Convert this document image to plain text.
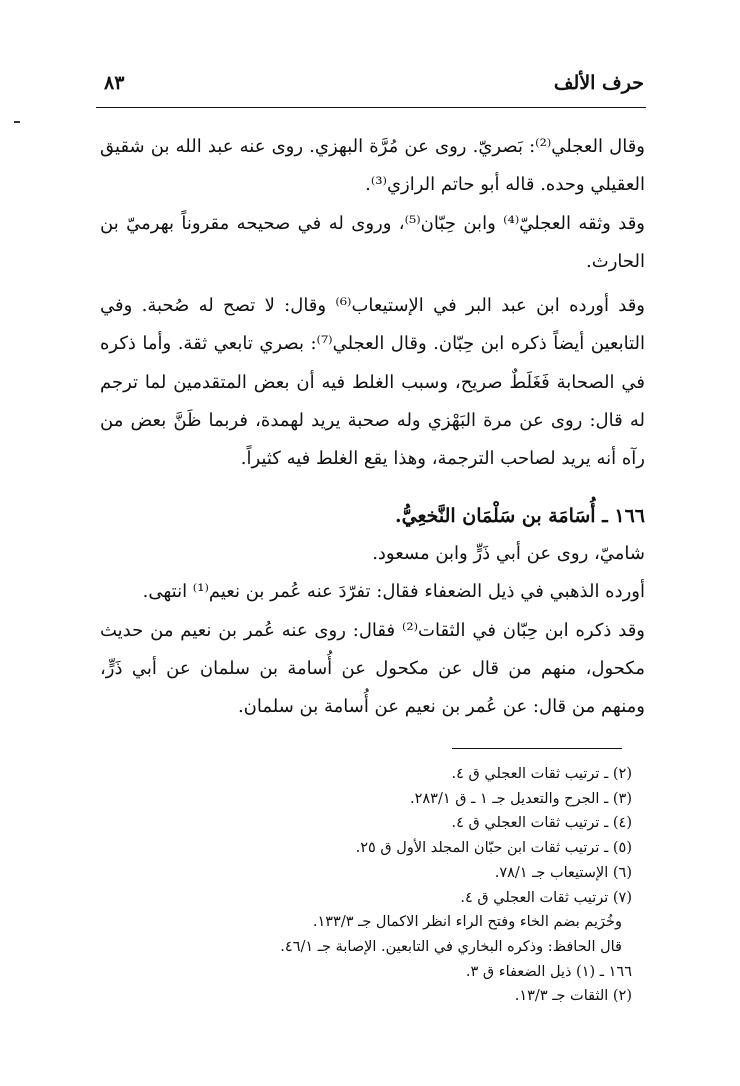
حرف الألف
٨٣

وقال العجلي⁽²⁾: بَصريّ. روى عن مُرَّة البهزي. روى عنه عبد الله بن شقيق العقيلي وحده. قاله أبو حاتم الرازي⁽³⁾.

وقد وثقه العجليّ⁽⁴⁾ وابن حِبّان⁽⁵⁾، وروى له في صحيحه مقروناً بهرميّ بن الحارث.

وقد أورده ابن عبد البر في الإستيعاب⁽⁶⁾ وقال: لا تصح له صُحبة. وفي التابعين أيضاً ذكره ابن حِبّان. وقال العجلي⁽⁷⁾: بصري تابعي ثقة. وأما ذكره في الصحابة فَغَلَطٌ صريح، وسبب الغلط فيه أن بعض المتقدمين لما ترجم له قال: روى عن مرة البَهْزي وله صحبة يريد له‍مدة، فربما ظَنَّ بعض من رآه أنه يريد لصاحب الترجمة، وهذا يقع الغلط فيه كثيراً.

١٦٦ ـ أُسَامَة بن سَلْمَان النَّخعِيُّ.

شاميّ، روى عن أبي ذَرٍّ وابن مسعود.

أورده الذهبي في ذيل الضعفاء فقال: تفرّدَ عنه عُمر بن نعيم⁽¹⁾ انتهى.

وقد ذكره ابن حِبّان في الثقات⁽²⁾ فقال: روى عنه عُمر بن نعيم من حديث مكحول، منهم من قال عن مكحول عن أُسامة بن سلمان عن أبي ذَرٍّ، ومنهم من قال: عن عُمر بن نعيم عن أُسامة بن سلمان.

(٢) ـ ترتيب ثقات العجلي ق ٤.
(٣) ـ الجرح والتعديل جـ ١ ـ ق ٢٨٣/١.
(٤) ـ ترتيب ثقات العجلي ق ٤.
(٥) ـ ترتيب ثقات ابن حبّان المجلد الأول ق ٢٥.
(٦) الإستيعاب جـ ٧٨/١.
(٧) ترتيب ثقات العجلي ق ٤.
وخُرَيم بضم الخاء وفتح الراء انظر الاكمال جـ ١٣٣/٣.
قال الحافظ: وذكره البخاري في التابعين. الإصابة جـ ٤٦/١.
١٦٦ ـ (١) ذيل الضعفاء ق ٣.
(٢) الثقات جـ ١٣/٣.
